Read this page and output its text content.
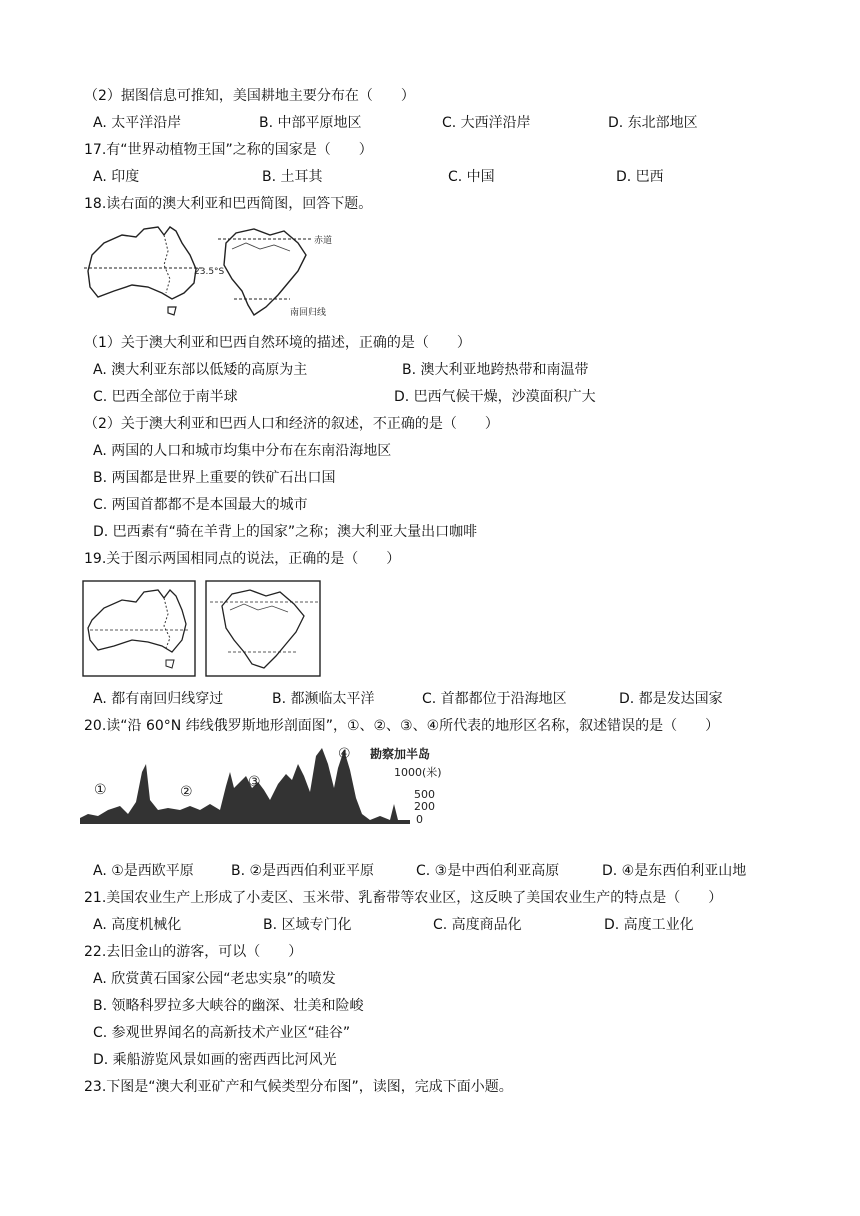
（2）据图信息可推知，美国耕地主要分布在（　　）
A. 太平洋沿岸	B. 中部平原地区	C. 大西洋沿岸	D. 东北部地区
17.有“世界动植物王国”之称的国家是（　　）
A. 印度	B. 土耳其	C. 中国	D. 巴西
18.读右面的澳大利亚和巴西简图，回答下题。
23.5°S
赤道
南回归线
（1）关于澳大利亚和巴西自然环境的描述，正确的是（　　）
A. 澳大利亚东部以低矮的高原为主	B. 澳大利亚地跨热带和南温带
C. 巴西全部位于南半球	D. 巴西气候干燥，沙漠面积广大
（2）关于澳大利亚和巴西人口和经济的叙述，不正确的是（　　）
A. 两国的人口和城市均集中分布在东南沿海地区
B. 两国都是世界上重要的铁矿石出口国
C. 两国首都都不是本国最大的城市
D. 巴西素有“骑在羊背上的国家”之称；澳大利亚大量出口咖啡
19.关于图示两国相同点的说法，正确的是（　　）
A. 都有南回归线穿过	B. 都濒临太平洋	C. 首都都位于沿海地区	D. 都是发达国家
20.读“沿 60°N 纬线俄罗斯地形剖面图”，①、②、③、④所代表的地形区名称，叙述错误的是（　　）
①	②
③
④ 勘察加半岛
1000(米)
500
200
0
A. ①是西欧平原	B. ②是西西伯利亚平原	C. ③是中西伯利亚高原	D. ④是东西伯利亚山地
21.美国农业生产上形成了小麦区、玉米带、乳畜带等农业区，这反映了美国农业生产的特点是（　　）
A. 高度机械化	B. 区域专门化	C. 高度商品化	D. 高度工业化
22.去旧金山的游客，可以（　　）
A. 欣赏黄石国家公园“老忠实泉”的喷发
B. 领略科罗拉多大峡谷的幽深、壮美和险峻
C. 参观世界闻名的高新技术产业区“硅谷”
D. 乘船游览风景如画的密西西比河风光
23.下图是“澳大利亚矿产和气候类型分布图”，读图，完成下面小题。
